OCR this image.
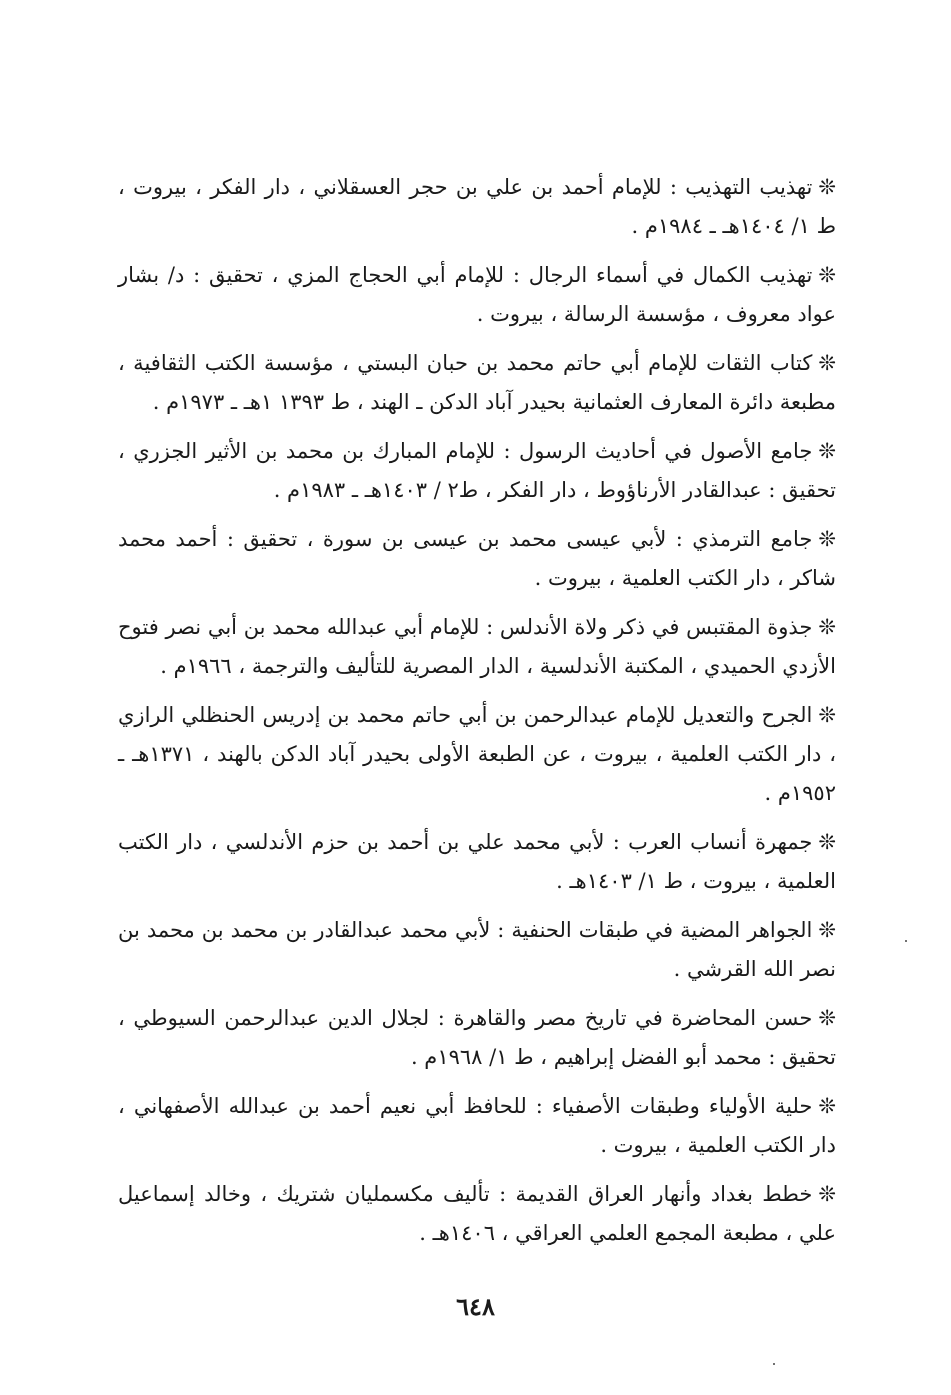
❊تهذيب التهذيب : للإمام أحمد بن علي بن حجر العسقلاني ، دار الفكر ، بيروت ، ط ١/ ١٤٠٤هـ ـ ١٩٨٤م .

❊تهذيب الكمال في أسماء الرجال : للإمام أبي الحجاج المزي ، تحقيق : د/ بشار عواد معروف ، مؤسسة الرسالة ، بيروت .

❊كتاب الثقات للإمام أبي حاتم محمد بن حبان البستي ، مؤسسة الكتب الثقافية ، مطبعة دائرة المعارف العثمانية بحيدر آباد الدكن ـ الهند ، ط ١٣٩٣ ١هـ ـ ١٩٧٣م .

❊جامع الأصول في أحاديث الرسول : للإمام المبارك بن محمد بن الأثير الجزري ، تحقيق : عبدالقادر الأرناؤوط ، دار الفكر ، ط٢ / ١٤٠٣هـ ـ ١٩٨٣م .

❊جامع الترمذي : لأبي عيسى محمد بن عيسى بن سورة ، تحقيق : أحمد محمد شاكر ، دار الكتب العلمية ، بيروت .

❊جذوة المقتبس في ذكر ولاة الأندلس : للإمام أبي عبدالله محمد بن أبي نصر فتوح الأزدي الحميدي ، المكتبة الأندلسية ، الدار المصرية للتأليف والترجمة ، ١٩٦٦م .

❊الجرح والتعديل للإمام عبدالرحمن بن أبي حاتم محمد بن إدريس الحنظلي الرازي ، دار الكتب العلمية ، بيروت ، عن الطبعة الأولى بحيدر آباد الدكن بالهند ، ١٣٧١هـ ـ ١٩٥٢م .

❊جمهرة أنساب العرب : لأبي محمد علي بن أحمد بن حزم الأندلسي ، دار الكتب العلمية ، بيروت ، ط ١/ ١٤٠٣هـ .

❊الجواهر المضية في طبقات الحنفية : لأبي محمد عبدالقادر بن محمد بن محمد بن نصر الله القرشي .

❊حسن المحاضرة في تاريخ مصر والقاهرة : لجلال الدين عبدالرحمن السيوطي ، تحقيق : محمد أبو الفضل إبراهيم ، ط ١/ ١٩٦٨م .

❊حلية الأولياء وطبقات الأصفياء : للحافظ أبي نعيم أحمد بن عبدالله الأصفهاني ، دار الكتب العلمية ، بيروت .

❊خطط بغداد وأنهار العراق القديمة : تأليف مكسمليان شتريك ، وخالد إسماعيل علي ، مطبعة المجمع العلمي العراقي ، ١٤٠٦هـ .

٦٤٨
